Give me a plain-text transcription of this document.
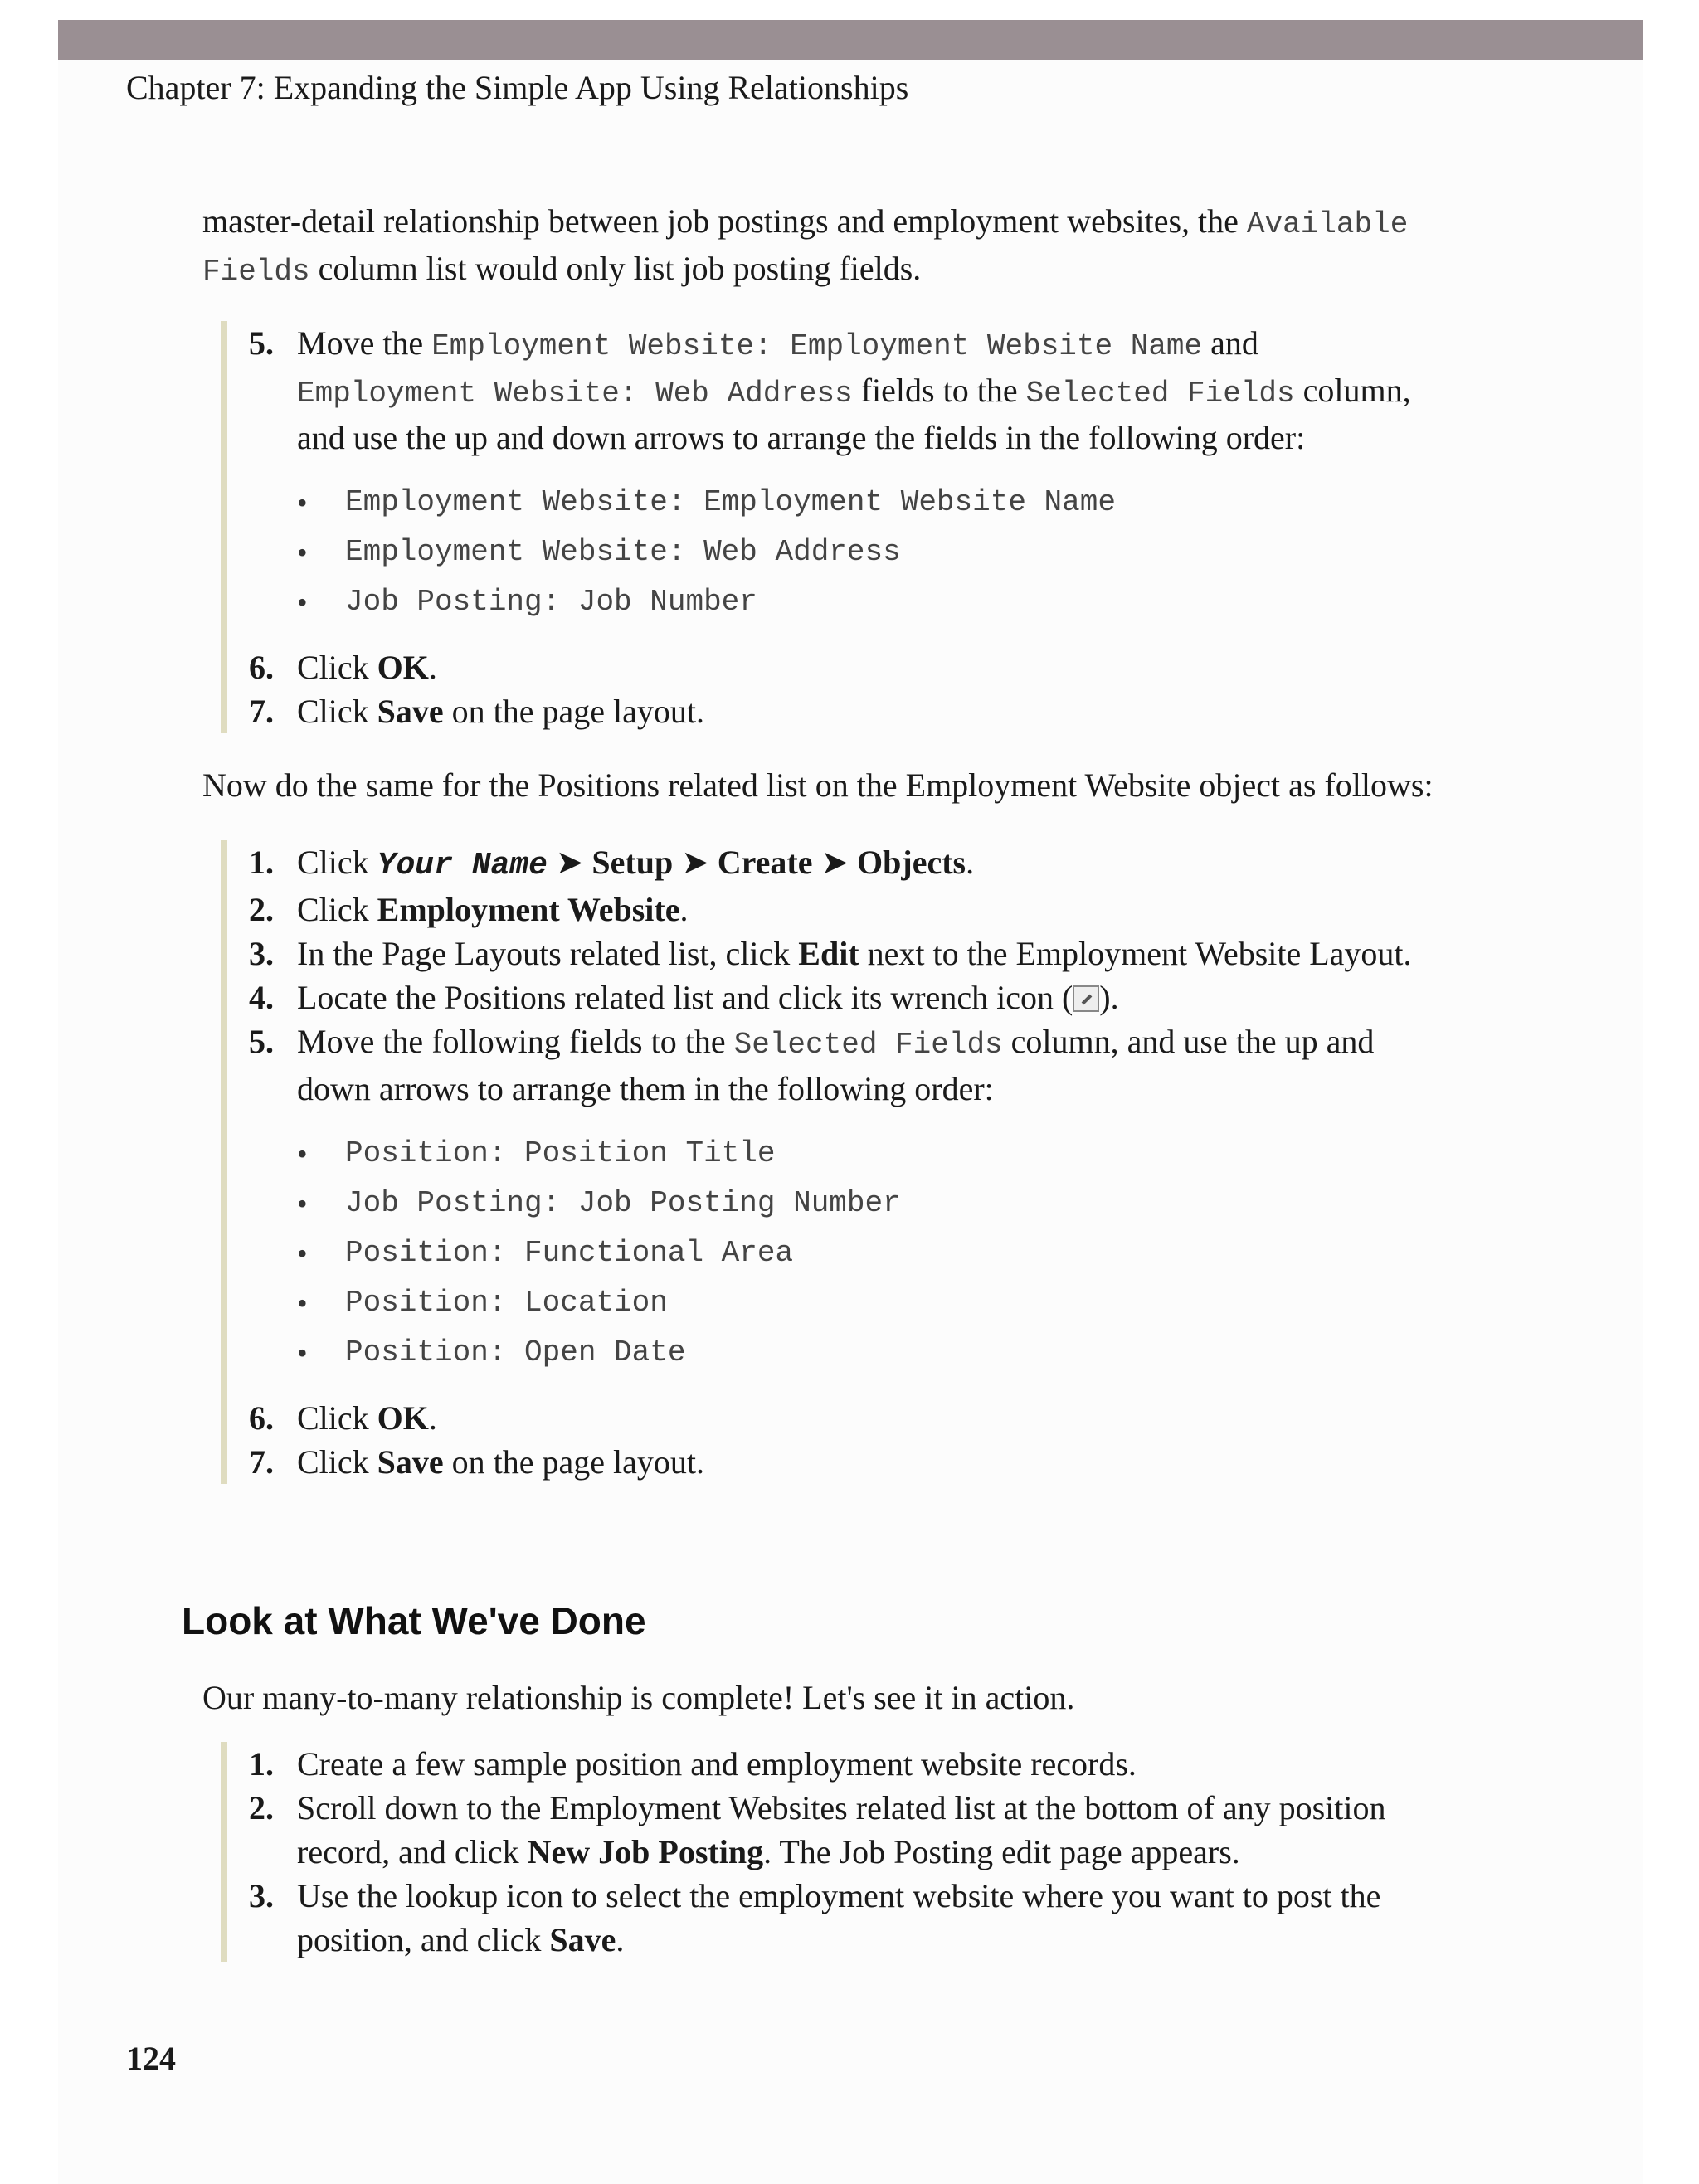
Chapter 7: Expanding the Simple App Using Relationships
master-detail relationship between job postings and employment websites, the Available
Fields column list would only list job posting fields.
5. Move the Employment Website: Employment Website Name and
Employment Website: Web Address fields to the Selected Fields column,
and use the up and down arrows to arrange the fields in the following order:
• Employment Website: Employment Website Name
• Employment Website: Web Address
• Job Posting: Job Number
6. Click OK.
7. Click Save on the page layout.
Now do the same for the Positions related list on the Employment Website object as follows:
1. Click Your Name ➤ Setup ➤ Create ➤ Objects.
2. Click Employment Website.
3. In the Page Layouts related list, click Edit next to the Employment Website Layout.
4. Locate the Positions related list and click its wrench icon ( ).
5. Move the following fields to the Selected Fields column, and use the up and
down arrows to arrange them in the following order:
• Position: Position Title
• Job Posting: Job Posting Number
• Position: Functional Area
• Position: Location
• Position: Open Date
6. Click OK.
7. Click Save on the page layout.
Look at What We've Done
Our many-to-many relationship is complete! Let's see it in action.
1. Create a few sample position and employment website records.
2. Scroll down to the Employment Websites related list at the bottom of any position
record, and click New Job Posting. The Job Posting edit page appears.
3. Use the lookup icon to select the employment website where you want to post the
position, and click Save.
124
